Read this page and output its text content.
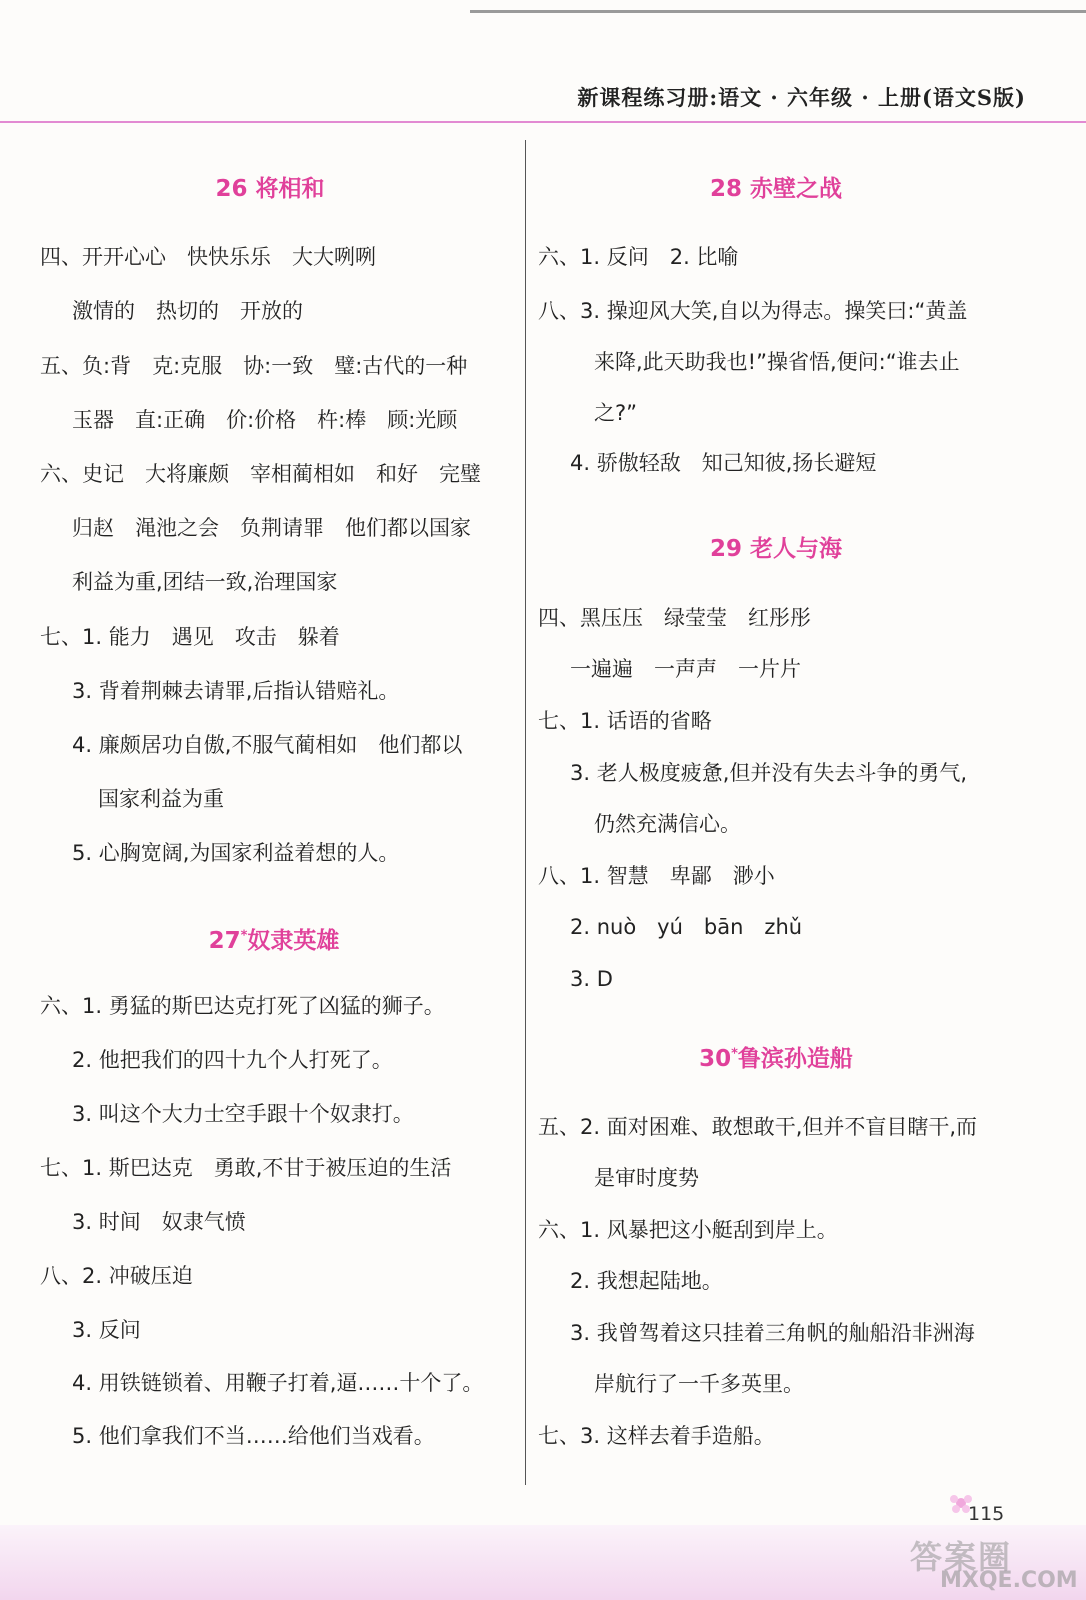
新课程练习册:语文 · 六年级 · 上册(语文S版)
26 将相和
四、开开心心　快快乐乐　大大咧咧
激情的　热切的　开放的
五、负:背　克:克服　协:一致　璧:古代的一种
玉器　直:正确　价:价格　杵:棒　顾:光顾
六、史记　大将廉颇　宰相蔺相如　和好　完璧
归赵　渑池之会　负荆请罪　他们都以国家
利益为重,团结一致,治理国家
七、1. 能力　遇见　攻击　躲着
3. 背着荆棘去请罪,后指认错赔礼。
4. 廉颇居功自傲,不服气蔺相如　他们都以
国家利益为重
5. 心胸宽阔,为国家利益着想的人。
27*奴隶英雄
六、1. 勇猛的斯巴达克打死了凶猛的狮子。
2. 他把我们的四十九个人打死了。
3. 叫这个大力士空手跟十个奴隶打。
七、1. 斯巴达克　勇敢,不甘于被压迫的生活
3. 时间　奴隶气愤
八、2. 冲破压迫
3. 反问
4. 用铁链锁着、用鞭子打着,逼……十个了。
5. 他们拿我们不当……给他们当戏看。
28 赤壁之战
六、1. 反问　2. 比喻
八、3. 操迎风大笑,自以为得志。操笑曰:“黄盖
来降,此天助我也!”操省悟,便问:“谁去止
之?”
4. 骄傲轻敌　知己知彼,扬长避短
29 老人与海
四、黑压压　绿莹莹　红彤彤
一遍遍　一声声　一片片
七、1. 话语的省略
3. 老人极度疲惫,但并没有失去斗争的勇气,
仍然充满信心。
八、1. 智慧　卑鄙　渺小
2. nuò　yú　bān　zhǔ
3. D
30*鲁滨孙造船
五、2. 面对困难、敢想敢干,但并不盲目瞎干,而
是审时度势
六、1. 风暴把这小艇刮到岸上。
2. 我想起陆地。
3. 我曾驾着这只挂着三角帆的舢船沿非洲海
岸航行了一千多英里。
七、3. 这样去着手造船。
115
答案圈
MXQE.COM
